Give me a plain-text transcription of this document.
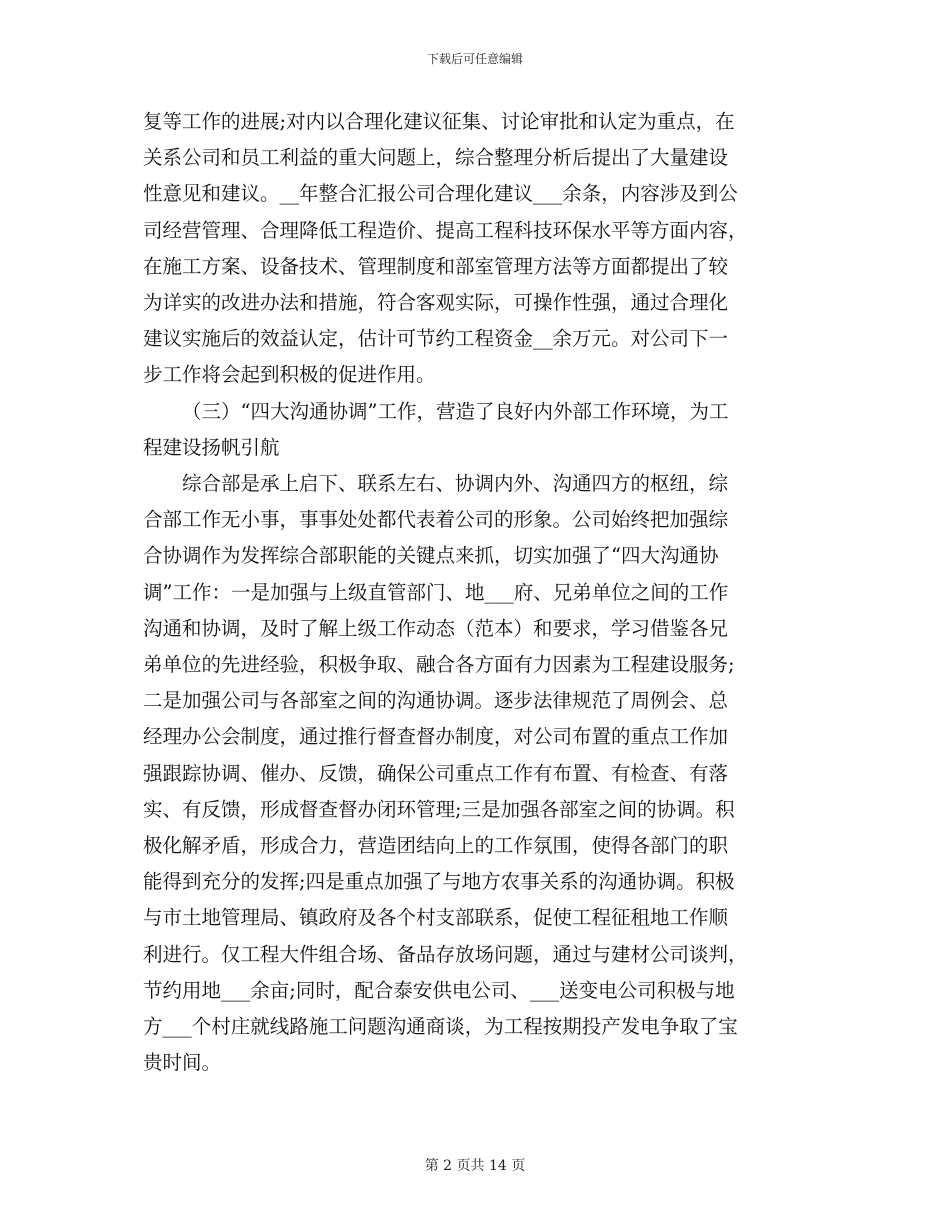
下载后可任意编辑

复等工作的进展;对内以合理化建议征集、讨论审批和认定为重点，在

关系公司和员工利益的重大问题上，综合整理分析后提出了大量建设

性意见和建议。__年整合汇报公司合理化建议___余条，内容涉及到公

司经营管理、合理降低工程造价、提高工程科技环保水平等方面内容，

在施工方案、设备技术、管理制度和部室管理方法等方面都提出了较

为详实的改进办法和措施，符合客观实际，可操作性强，通过合理化

建议实施后的效益认定，估计可节约工程资金__余万元。对公司下一

步工作将会起到积极的促进作用。

（三）“四大沟通协调”工作，营造了良好内外部工作环境，为工

程建设扬帆引航

综合部是承上启下、联系左右、协调内外、沟通四方的枢纽，综

合部工作无小事，事事处处都代表着公司的形象。公司始终把加强综

合协调作为发挥综合部职能的关键点来抓，切实加强了“四大沟通协

调”工作：一是加强与上级直管部门、地___府、兄弟单位之间的工作

沟通和协调，及时了解上级工作动态（范本）和要求，学习借鉴各兄

弟单位的先进经验，积极争取、融合各方面有力因素为工程建设服务;

二是加强公司与各部室之间的沟通协调。逐步法律规范了周例会、总

经理办公会制度，通过推行督查督办制度，对公司布置的重点工作加

强跟踪协调、催办、反馈，确保公司重点工作有布置、有检查、有落

实、有反馈，形成督查督办闭环管理;三是加强各部室之间的协调。积

极化解矛盾，形成合力，营造团结向上的工作氛围，使得各部门的职

能得到充分的发挥;四是重点加强了与地方农事关系的沟通协调。积极

与市土地管理局、镇政府及各个村支部联系，促使工程征租地工作顺

利进行。仅工程大件组合场、备品存放场问题，通过与建材公司谈判，

节约用地___余亩;同时，配合泰安供电公司、___送变电公司积极与地

方___个村庄就线路施工问题沟通商谈，为工程按期投产发电争取了宝

贵时间。

第 2 页共 14 页
